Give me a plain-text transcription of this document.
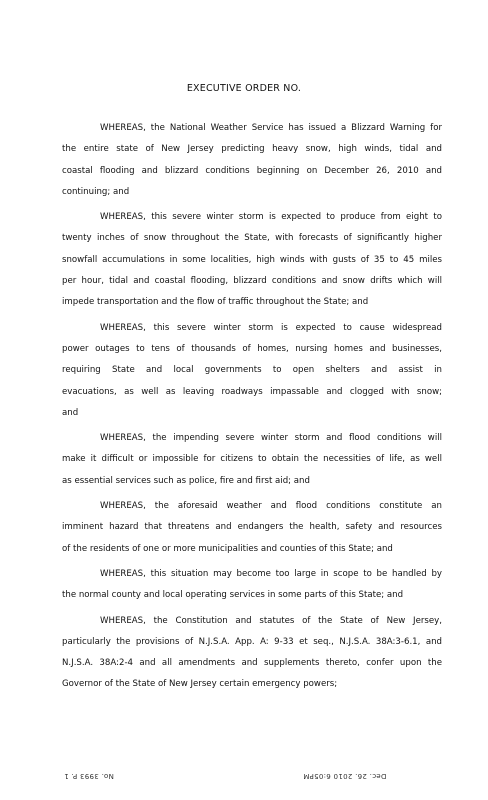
EXECUTIVE ORDER NO.

WHEREAS, the National Weather Service has issued a Blizzard Warning for
the entire state of New Jersey predicting heavy snow, high winds, tidal and
coastal flooding and blizzard conditions beginning on December 26, 2010 and
continuing; and

WHEREAS, this severe winter storm is expected to produce from eight to
twenty inches of snow throughout the State, with forecasts of significantly higher
snowfall accumulations in some localities, high winds with gusts of 35 to 45 miles
per hour, tidal and coastal flooding, blizzard conditions and snow drifts which will
impede transportation and the flow of traffic throughout the State; and

WHEREAS, this severe winter storm is expected to cause widespread
power outages to tens of thousands of homes, nursing homes and businesses,
requiring State and local governments to open shelters and assist in
evacuations, as well as leaving roadways impassable and clogged with snow;
and

WHEREAS, the impending severe winter storm and flood conditions will
make it difficult or impossible for citizens to obtain the necessities of life, as well
as essential services such as police, fire and first aid; and

WHEREAS, the aforesaid weather and flood conditions constitute an
imminent hazard that threatens and endangers the health, safety and resources
of the residents of one or more municipalities and counties of this State; and

WHEREAS, this situation may become too large in scope to be handled by
the normal county and local operating services in some parts of this State; and

WHEREAS, the Constitution and statutes of the State of New Jersey,
particularly the provisions of N.J.S.A. App. A: 9-33 et seq., N.J.S.A. 38A:3-6.1, and
N.J.S.A. 38A:2-4 and all amendments and supplements thereto, confer upon the
Governor of the State of New Jersey certain emergency powers;

No. 3993 P. 1	Dec. 26. 2010 6:05PM
